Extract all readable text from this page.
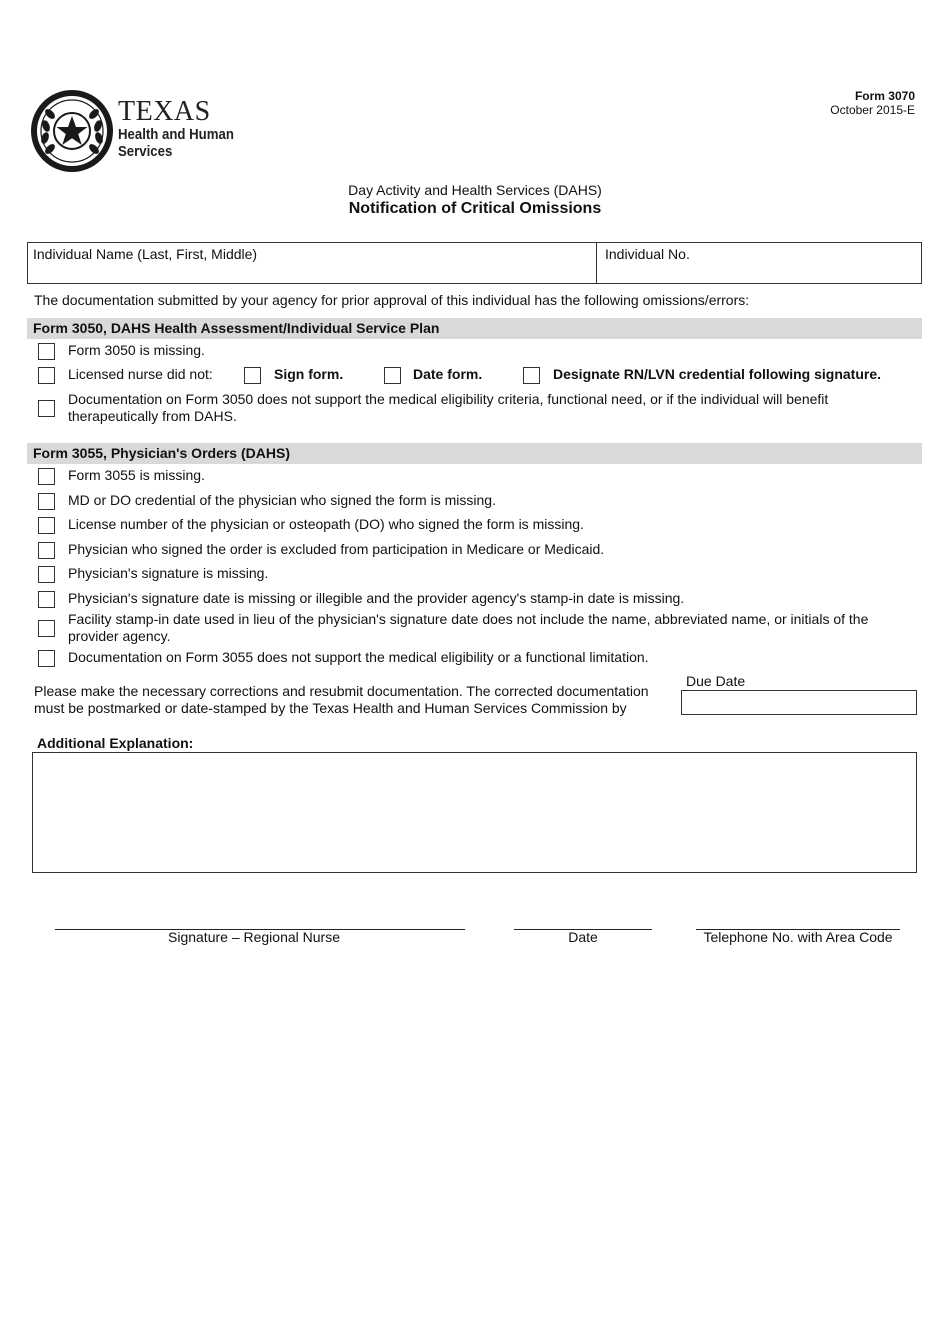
TEXAS
Health and Human
Services
Form 3070
October 2015-E
Day Activity and Health Services (DAHS)
Notification of Critical Omissions
Individual Name (Last, First, Middle)	Individual No.
The documentation submitted by your agency for prior approval of this individual has the following omissions/errors:
Form 3050, DAHS Health Assessment/Individual Service Plan
Form 3050 is missing.
Licensed nurse did not:	Sign form.	Date form.	Designate RN/LVN credential following signature.
Documentation on Form 3050 does not support the medical eligibility criteria, functional need, or if the individual will benefit
therapeutically from DAHS.
Form 3055, Physician's Orders (DAHS)
Form 3055 is missing.
MD or DO credential of the physician who signed the form is missing.
License number of the physician or osteopath (DO) who signed the form is missing.
Physician who signed the order is excluded from participation in Medicare or Medicaid.
Physician's signature is missing.
Physician's signature date is missing or illegible and the provider agency's stamp-in date is missing.
Facility stamp-in date used in lieu of the physician's signature date does not include the name, abbreviated name, or initials of the
provider agency.
Documentation on Form 3055 does not support the medical eligibility or a functional limitation.
Please make the necessary corrections and resubmit documentation. The corrected documentation
must be postmarked or date-stamped by the Texas Health and Human Services Commission by
Due Date
Additional Explanation:
Signature – Regional Nurse	Date	Telephone No. with Area Code
